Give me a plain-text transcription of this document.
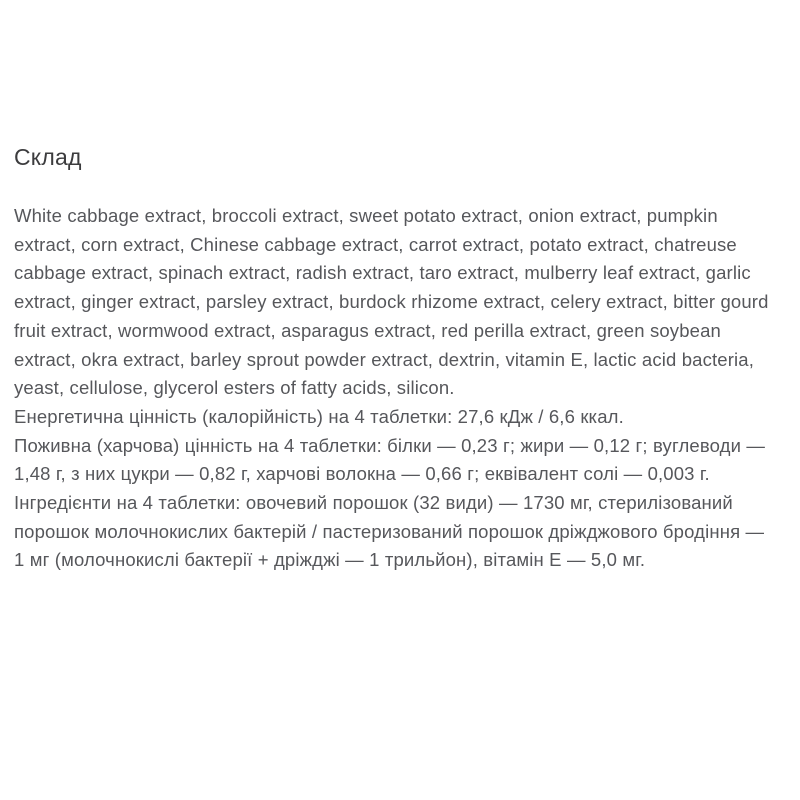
Склад

White cabbage extract, broccoli extract, sweet potato extract, onion extract, pumpkin extract, corn extract, Chinese cabbage extract, carrot extract, potato extract, chatreuse cabbage extract, spinach extract, radish extract, taro extract, mulberry leaf extract, garlic extract, ginger extract, parsley extract, burdock rhizome extract, celery extract, bitter gourd fruit extract, wormwood extract, asparagus extract, red perilla extract, green soybean extract, okra extract, barley sprout powder extract, dextrin, vitamin E, lactic acid bacteria, yeast, cellulose, glycerol esters of fatty acids, silicon.

Енергетична цінність (калорійність) на 4 таблетки: 27,6 кДж / 6,6 ккал.

Поживна (харчова) цінність на 4 таблетки: білки — 0,23 г; жири — 0,12 г; вуглеводи — 1,48 г, з них цукри — 0,82 г, харчові волокна — 0,66 г; еквівалент солі — 0,003 г.

Інгредієнти на 4 таблетки: овочевий порошок (32 види) — 1730 мг, стерилізований порошок молочнокислих бактерій / пастеризований порошок дріжджового бродіння — 1 мг (молочнокислі бактерії + дріжджі — 1 трильйон), вітамін Е — 5,0 мг.
